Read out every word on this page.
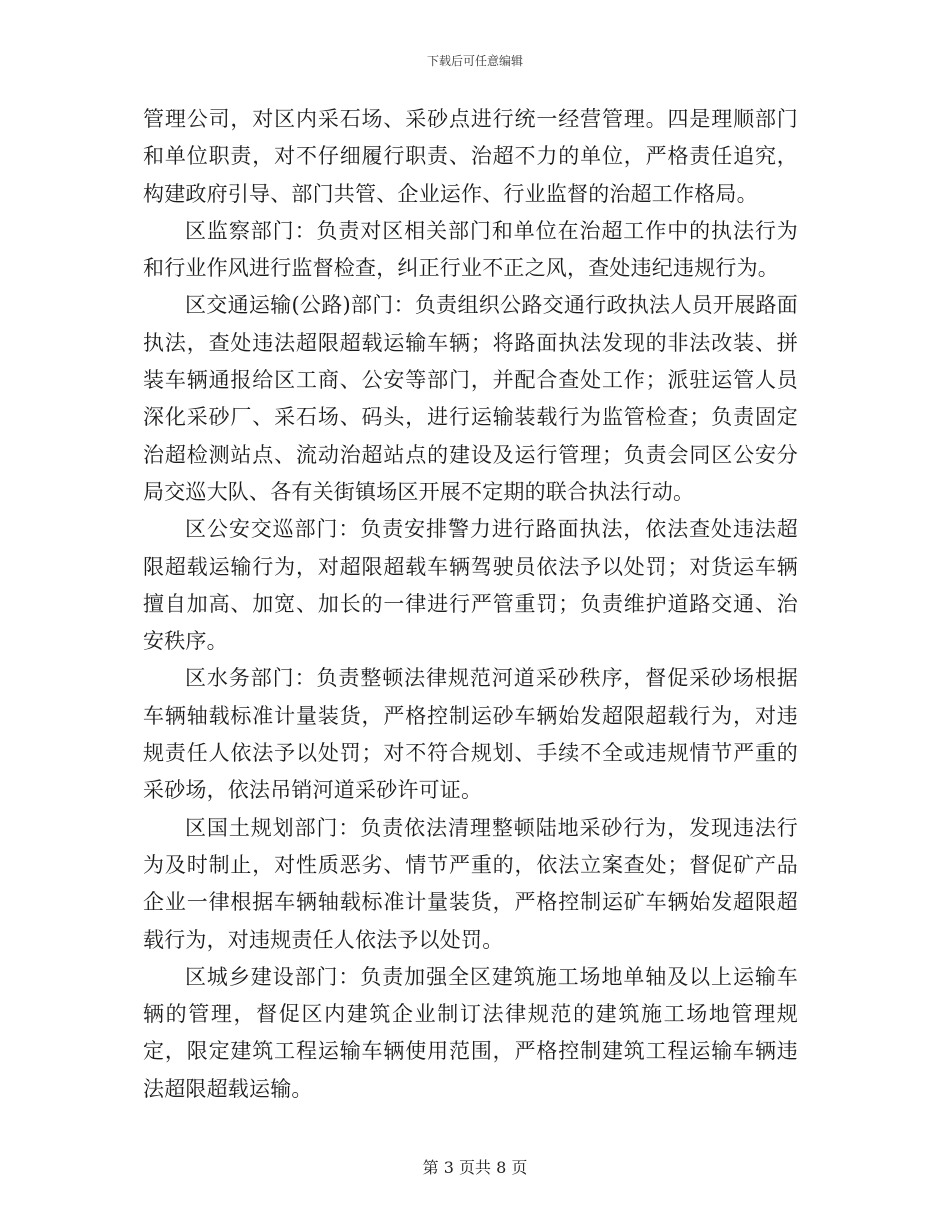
下载后可任意编辑

管理公司，对区内采石场、采砂点进行统一经营管理。四是理顺部门和单位职责，对不仔细履行职责、治超不力的单位，严格责任追究，构建政府引导、部门共管、企业运作、行业监督的治超工作格局。

区监察部门：负责对区相关部门和单位在治超工作中的执法行为和行业作风进行监督检查，纠正行业不正之风，查处违纪违规行为。

区交通运输(公路)部门：负责组织公路交通行政执法人员开展路面执法，查处违法超限超载运输车辆；将路面执法发现的非法改装、拼装车辆通报给区工商、公安等部门，并配合查处工作；派驻运管人员深化采砂厂、采石场、码头，进行运输装载行为监管检查；负责固定治超检测站点、流动治超站点的建设及运行管理；负责会同区公安分局交巡大队、各有关街镇场区开展不定期的联合执法行动。

区公安交巡部门：负责安排警力进行路面执法，依法查处违法超限超载运输行为，对超限超载车辆驾驶员依法予以处罚；对货运车辆擅自加高、加宽、加长的一律进行严管重罚；负责维护道路交通、治安秩序。

区水务部门：负责整顿法律规范河道采砂秩序，督促采砂场根据车辆轴载标准计量装货，严格控制运砂车辆始发超限超载行为，对违规责任人依法予以处罚；对不符合规划、手续不全或违规情节严重的采砂场，依法吊销河道采砂许可证。

区国土规划部门：负责依法清理整顿陆地采砂行为，发现违法行为及时制止，对性质恶劣、情节严重的，依法立案查处；督促矿产品企业一律根据车辆轴载标准计量装货，严格控制运矿车辆始发超限超载行为，对违规责任人依法予以处罚。

区城乡建设部门：负责加强全区建筑施工场地单轴及以上运输车辆的管理，督促区内建筑企业制订法律规范的建筑施工场地管理规定，限定建筑工程运输车辆使用范围，严格控制建筑工程运输车辆违法超限超载运输。

第 3 页共 8 页
